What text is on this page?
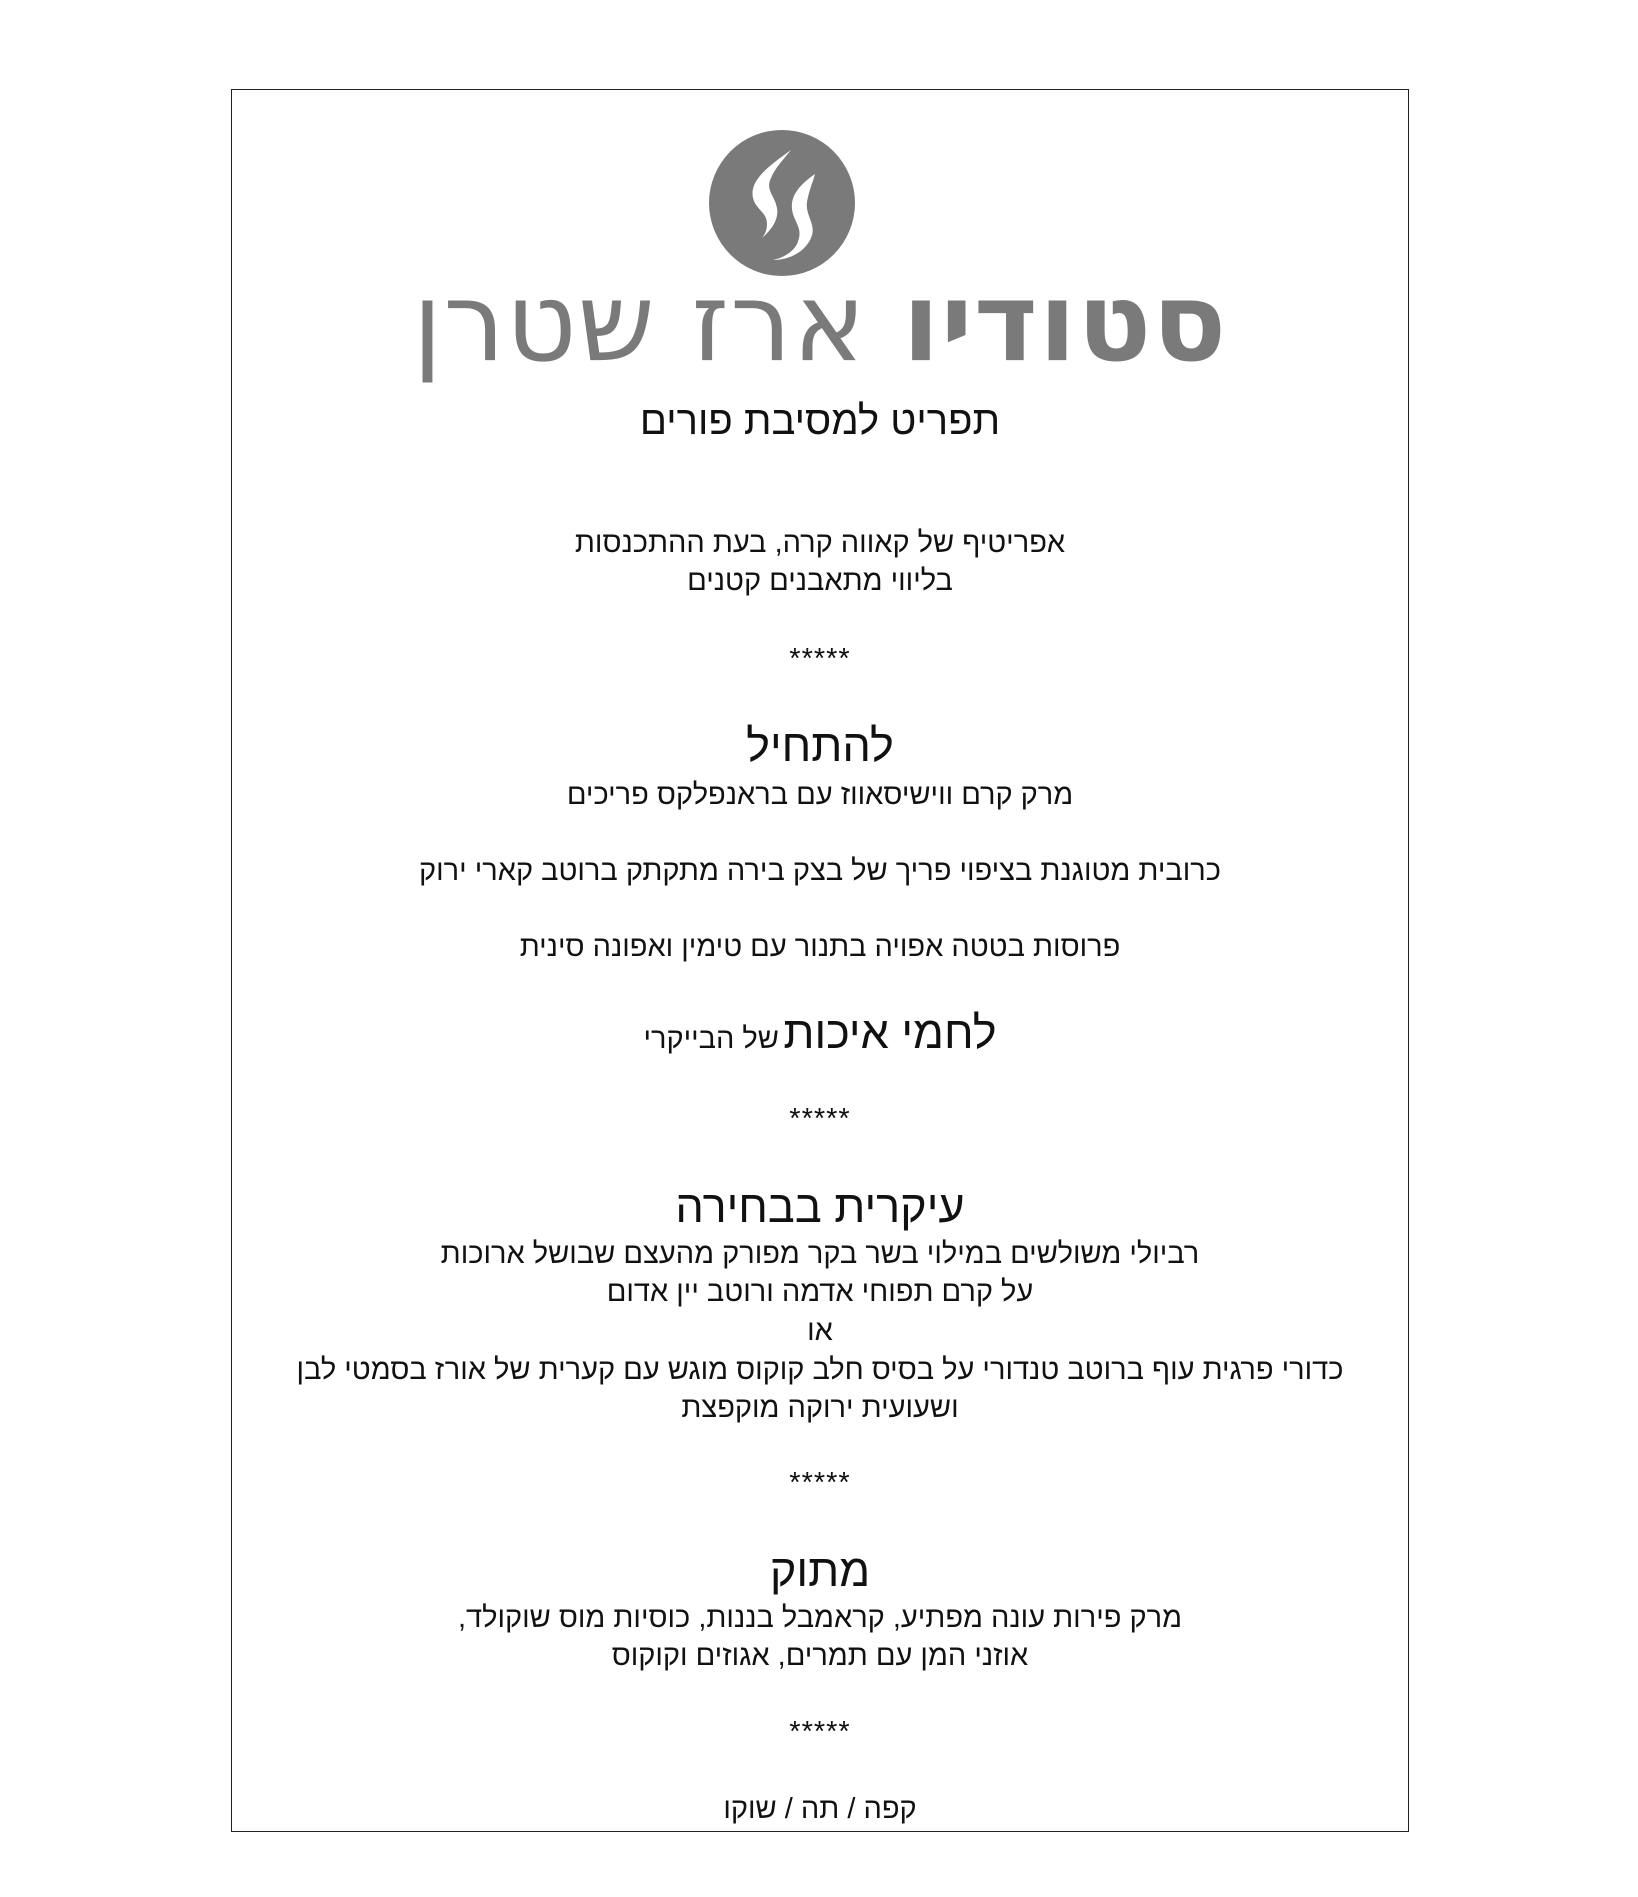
סטודיו ארז שטרן
תפריט למסיבת פורים
אפריטיף של קאווה קרה, בעת ההתכנסות
בליווי מתאבנים קטנים
*****
להתחיל
מרק קרם ווישיסאווז עם בראנפלקס פריכים
כרובית מטוגנת בציפוי פריך של בצק בירה מתקתק ברוטב קארי ירוק
פרוסות בטטה אפויה בתנור עם טימין ואפונה סינית
לחמי איכות של הבייקרי
*****
עיקרית בבחירה
רביולי משולשים במילוי בשר בקר מפורק מהעצם שבושל ארוכות
על קרם תפוחי אדמה ורוטב יין אדום
או
כדורי פרגית עוף ברוטב טנדורי על בסיס חלב קוקוס מוגש עם קערית של אורז בסמטי לבן
ושעועית ירוקה מוקפצת
*****
מתוק
מרק פירות עונה מפתיע, קראמבל בננות, כוסיות מוס שוקולד,
אוזני המן עם תמרים, אגוזים וקוקוס
*****
קפה / תה / שוקו
